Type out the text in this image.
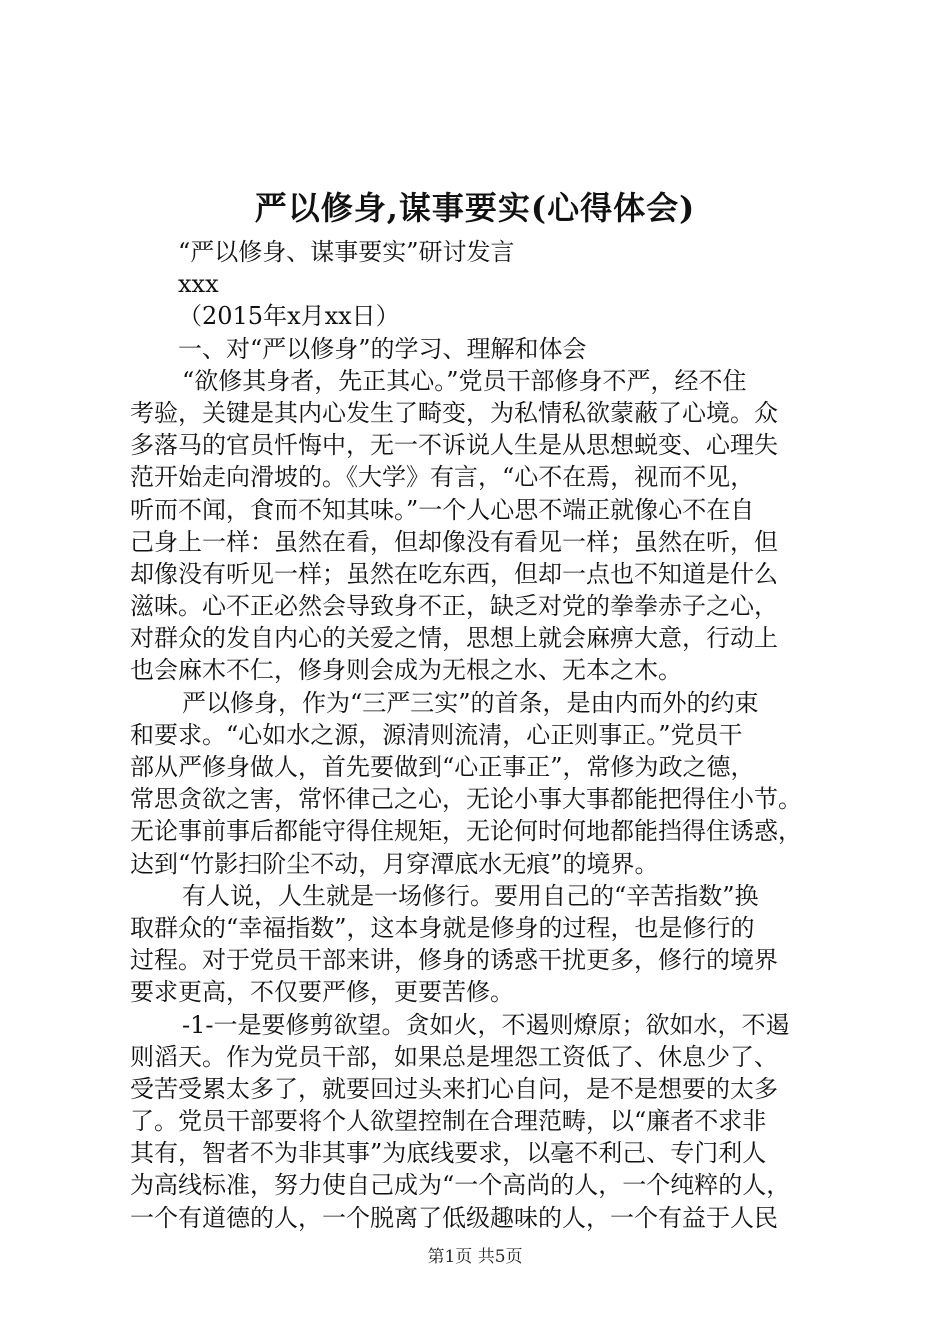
严以修身,谋事要实(心得体会)
“严以修身、谋事要实”研讨发言
xxx
（2015年x月xx日）
一、对“严以修身”的学习、理解和体会
“欲修其身者，先正其心。”党员干部修身不严，经不住
考验，关键是其内心发生了畸变，为私情私欲蒙蔽了心境。众
多落马的官员忏悔中，无一不诉说人生是从思想蜕变、心理失
范开始走向滑坡的。《大学》有言，“心不在焉，视而不见，
听而不闻，食而不知其味。”一个人心思不端正就像心不在自
己身上一样：虽然在看，但却像没有看见一样；虽然在听，但
却像没有听见一样；虽然在吃东西，但却一点也不知道是什么
滋味。心不正必然会导致身不正，缺乏对党的拳拳赤子之心，
对群众的发自内心的关爱之情，思想上就会麻痹大意，行动上
也会麻木不仁，修身则会成为无根之水、无本之木。
严以修身，作为“三严三实”的首条，是由内而外的约束
和要求。“心如水之源，源清则流清，心正则事正。”党员干
部从严修身做人，首先要做到“心正事正”，常修为政之德，
常思贪欲之害，常怀律己之心，无论小事大事都能把得住小节。
无论事前事后都能守得住规矩，无论何时何地都能挡得住诱惑，
达到“竹影扫阶尘不动，月穿潭底水无痕”的境界。
有人说，人生就是一场修行。要用自己的“辛苦指数”换
取群众的“幸福指数”，这本身就是修身的过程，也是修行的
过程。对于党员干部来讲，修身的诱惑干扰更多，修行的境界
要求更高，不仅要严修，更要苦修。
-1-一是要修剪欲望。贪如火，不遏则燎原；欲如水，不遏
则滔天。作为党员干部，如果总是埋怨工资低了、休息少了、
受苦受累太多了，就要回过头来扪心自问，是不是想要的太多
了。党员干部要将个人欲望控制在合理范畴，以“廉者不求非
其有，智者不为非其事”为底线要求，以毫不利己、专门利人
为高线标准，努力使自己成为“一个高尚的人，一个纯粹的人，
一个有道德的人，一个脱离了低级趣味的人，一个有益于人民
第1页 共5页
